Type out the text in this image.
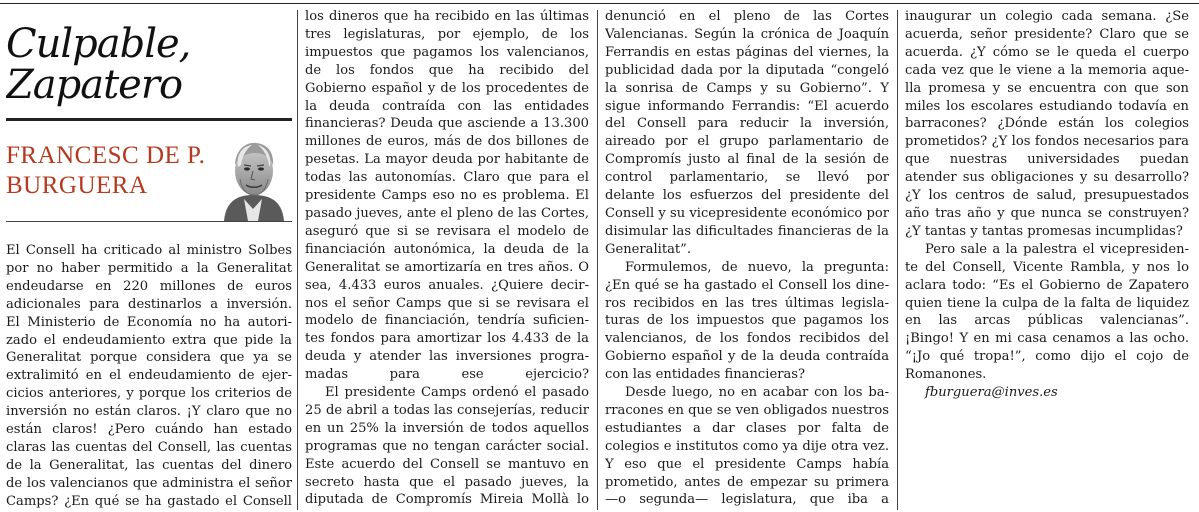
Culpable, Zapatero
FRANCESC DE P.
BURGUERA

El Consell ha criticado al ministro Solbes por no haber permitido a la Generalitat endeudarse en 220 millones de euros adicionales para destinarlos a inversión. El Ministerio de Economía no ha autorizado el endeudamiento extra que pide la Generalitat porque considera que ya se extralimitó en el endeudamiento de ejercicios anteriores, y porque los criterios de inversión no están claros. ¡Y claro que no están claros! ¿Pero cuándo han estado claras las cuentas del Consell, las cuentas de la Generalitat, las cuentas del dinero de los valencianos que administra el señor Camps? ¿En qué se ha gastado el Consell

los dineros que ha recibido en las últimas tres legislaturas, por ejemplo, de los impuestos que pagamos los valencianos, de los fondos que ha recibido del Gobierno español y de los procedentes de la deuda contraída con las entidades financieras? Deuda que asciende a 13.300 millones de euros, más de dos billones de pesetas. La mayor deuda por habitante de todas las autonomías. Claro que para el presidente Camps eso no es problema. El pasado jueves, ante el pleno de las Cortes, aseguró que si se revisara el modelo de financiación autonómica, la deuda de la Generalitat se amortizaría en tres años. O sea, 4.433 euros anuales. ¿Quiere decirnos el señor Camps que si se revisara el modelo de financiación, tendría suficientes fondos para amortizar los 4.433 de la deuda y atender las inversiones programadas para ese ejercicio?

El presidente Camps ordenó el pasado 25 de abril a todas las consejerías, reducir en un 25% la inversión de todos aquellos programas que no tengan carácter social. Este acuerdo del Consell se mantuvo en secreto hasta que el pasado jueves, la diputada de Compromís Mireia Mollà lo

denunció en el pleno de las Cortes Valencianas. Según la crónica de Joaquín Ferrandis en estas páginas del viernes, la publicidad dada por la diputada “congeló la sonrisa de Camps y su Gobierno”. Y sigue informando Ferrandis: “El acuerdo del Consell para reducir la inversión, aireado por el grupo parlamentario de Compromís justo al final de la sesión de control parlamentario, se llevó por delante los esfuerzos del presidente del Consell y su vicepresidente económico por disimular las dificultades financieras de la Generalitat”.

Formulemos, de nuevo, la pregunta: ¿En qué se ha gastado el Consell los dineros recibidos en las tres últimas legislaturas de los impuestos que pagamos los valencianos, de los fondos recibidos del Gobierno español y de la deuda contraída con las entidades financieras?

Desde luego, no en acabar con los barracones en que se ven obligados nuestros estudiantes a dar clases por falta de colegios e institutos como ya dije otra vez. Y eso que el presidente Camps había prometido, antes de empezar su primera —o segunda— legislatura, que iba a

inaugurar un colegio cada semana. ¿Se acuerda, señor presidente? Claro que se acuerda. ¿Y cómo se le queda el cuerpo cada vez que le viene a la memoria aquella promesa y se encuentra con que son miles los escolares estudiando todavía en barracones? ¿Dónde están los colegios prometidos? ¿Y los fondos necesarios para que nuestras universidades puedan atender sus obligaciones y su desarrollo? ¿Y los centros de salud, presupuestados año tras año y que nunca se construyen? ¿Y tantas y tantas promesas incumplidas?

Pero sale a la palestra el vicepresidente del Consell, Vicente Rambla, y nos lo aclara todo: “Es el Gobierno de Zapatero quien tiene la culpa de la falta de liquidez en las arcas públicas valencianas”. ¡Bingo! Y en mi casa cenamos a las ocho. “¡Jo qué tropa!”, como dijo el cojo de Romanones.

fburguera@inves.es
